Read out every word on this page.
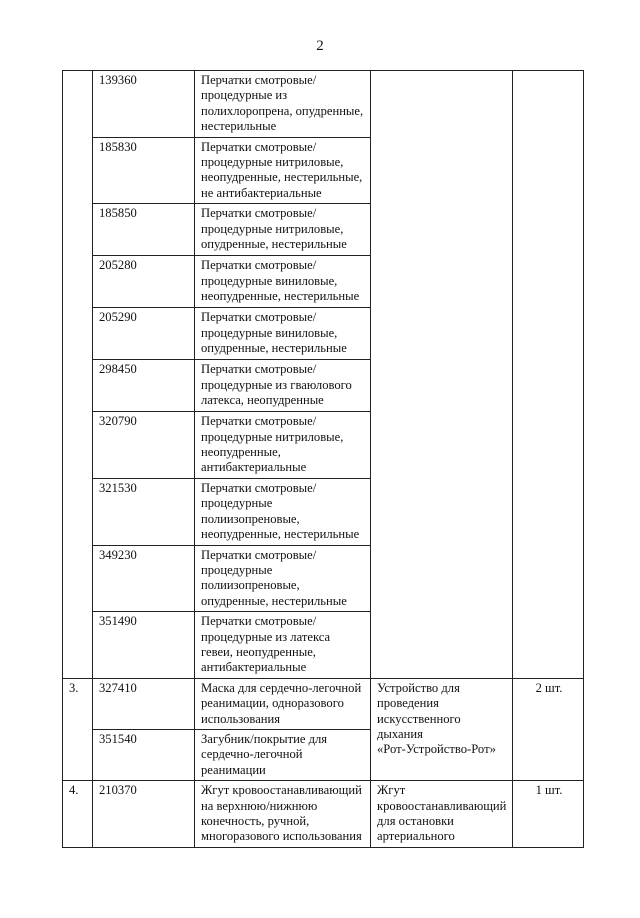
2
	139360	Перчатки смотровые/
процедурные из
полихлоропрена, опудренные,
нестерильные		
	185830	Перчатки смотровые/
процедурные нитриловые,
неопудренные, нестерильные,
не антибактериальные		
	185850	Перчатки смотровые/
процедурные нитриловые,
опудренные, нестерильные		
	205280	Перчатки смотровые/
процедурные виниловые,
неопудренные, нестерильные		
	205290	Перчатки смотровые/
процедурные виниловые,
опудренные, нестерильные		
	298450	Перчатки смотровые/
процедурные из гваюлового
латекса, неопудренные		
	320790	Перчатки смотровые/
процедурные нитриловые,
неопудренные,
антибактериальные		
	321530	Перчатки смотровые/
процедурные
полиизопреновые,
неопудренные, нестерильные		
	349230	Перчатки смотровые/
процедурные
полиизопреновые,
опудренные, нестерильные		
	351490	Перчатки смотровые/
процедурные из латекса
гевеи, неопудренные,
антибактериальные		
3.	327410	Маска для сердечно-легочной
реанимации, одноразового
использования	Устройство для
проведения
искусственного дыхания
«Рот-Устройство-Рот»	2 шт.
	351540	Загубник/покрытие для
сердечно-легочной
реанимации		
4.	210370	Жгут кровоостанавливающий
на верхнюю/нижнюю
конечность, ручной,
многоразового использования	Жгут
кровоостанавливающий
для остановки
артериального	1 шт.
